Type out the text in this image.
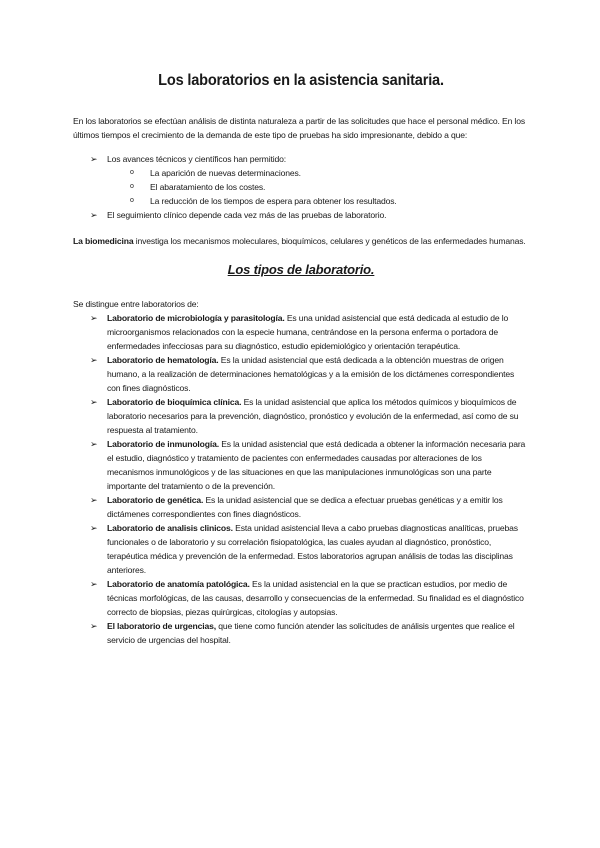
Los laboratorios en la asistencia sanitaria.

En los laboratorios se efectúan análisis de distinta naturaleza a partir de las solicitudes que hace el personal médico. En los últimos tiempos el crecimiento de la demanda de este tipo de pruebas ha sido impresionante, debido a que:

➢ Los avances técnicos y científicos han permitido:
o La aparición de nuevas determinaciones.
o El abaratamiento de los costes.
o La reducción de los tiempos de espera para obtener los resultados.
➢ El seguimiento clínico depende cada vez más de las pruebas de laboratorio.

La biomedicina investiga los mecanismos moleculares, bioquímicos, celulares y genéticos de las enfermedades humanas.

Los tipos de laboratorio.

Se distingue entre laboratorios de:

➢ Laboratorio de microbiología y parasitología. Es una unidad asistencial que está dedicada al estudio de lo microorganismos relacionados con la especie humana, centrándose en la persona enferma o portadora de enfermedades infecciosas para su diagnóstico, estudio epidemiológico y orientación terapéutica.
➢ Laboratorio de hematología. Es la unidad asistencial que está dedicada a la obtención muestras de origen humano, a la realización de determinaciones hematológicas y a la emisión de los dictámenes correspondientes con fines diagnósticos.
➢ Laboratorio de bioquímica clínica. Es la unidad asistencial que aplica los métodos químicos y bioquímicos de laboratorio necesarios para la prevención, diagnóstico, pronóstico y evolución de la enfermedad, así como de su respuesta al tratamiento.
➢ Laboratorio de inmunología. Es la unidad asistencial que está dedicada a obtener la información necesaria para el estudio, diagnóstico y tratamiento de pacientes con enfermedades causadas por alteraciones de los mecanismos inmunológicos y de las situaciones en que las manipulaciones inmunológicas son una parte importante del tratamiento o de la prevención.
➢ Laboratorio de genética. Es la unidad asistencial que se dedica a efectuar pruebas genéticas y a emitir los dictámenes correspondientes con fines diagnósticos.
➢ Laboratorio de analisis clinicos. Esta unidad asistencial lleva a cabo pruebas diagnosticas analíticas, pruebas funcionales o de laboratorio y su correlación fisiopatológica, las cuales ayudan al diagnóstico, pronóstico, terapéutica médica y prevención de la enfermedad. Estos laboratorios agrupan análisis de todas las disciplinas anteriores.
➢ Laboratorio de anatomía patológica. Es la unidad asistencial en la que se practican estudios, por medio de técnicas morfológicas, de las causas, desarrollo y consecuencias de la enfermedad. Su finalidad es el diagnóstico correcto de biopsias, piezas quirúrgicas, citologías y autopsias.
➢ El laboratorio de urgencias, que tiene como función atender las solicitudes de análisis urgentes que realice el servicio de urgencias del hospital.
